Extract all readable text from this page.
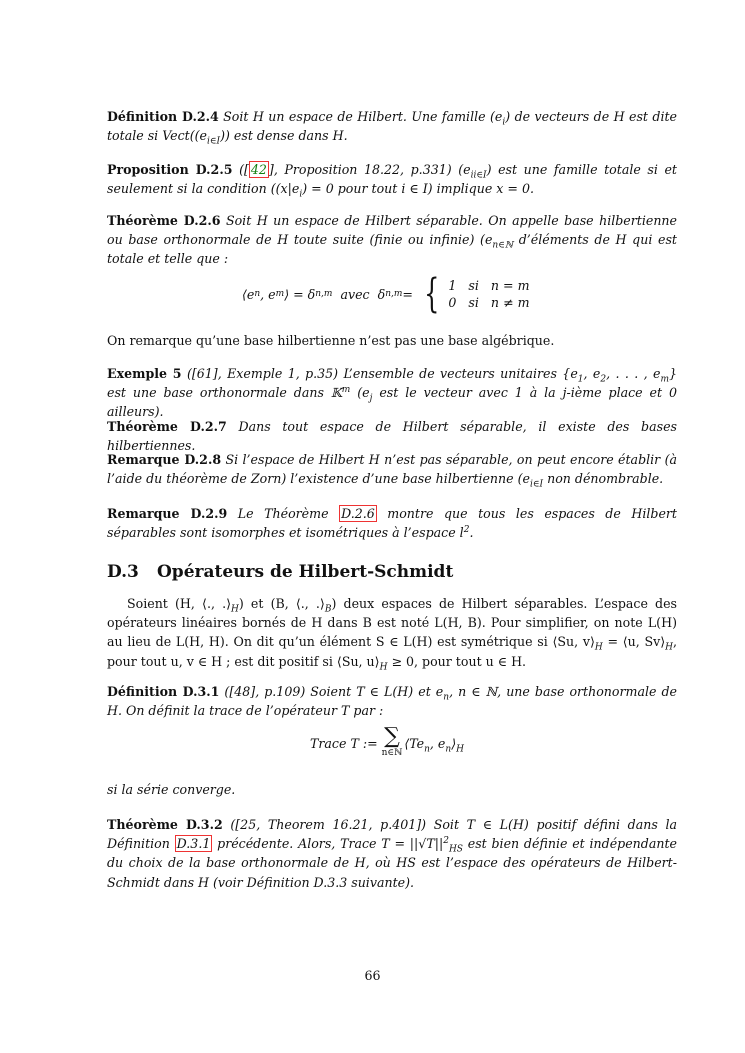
Définition D.2.4 Soit H un espace de Hilbert. Une famille $(e_i)$ de vecteurs de H est dite totale si $Vect((e_{i\in I}))$ est dense dans H.
Proposition D.2.5 ([ 42 ], Proposition 18.22, p.331) $(e_{ii\in I})$ est une famille totale si et seulement si la condition ($(x|e_i) = 0$ pour tout i ∈ I) implique x = 0.
Théorème D.2.6 Soit H un espace de Hilbert séparable. On appelle base hilbertienne ou base orthonormale de H toute suite (finie ou infinie) ($e_{n\in ℕ}$ d’éléments de H qui est totale et telle que :
⟨e n , e m ⟩ = δ n,m avec  δ n,m = { 1   si   n = m
0   si   n ≠ m
On remarque qu’une base hilbertienne n’est pas une base algébrique.
Exemple 5 ([61], Exemple 1, p.35) L’ensemble de vecteurs unitaires {$e_1$, $e_2$, . . . , $e_m$} est une base orthonormale dans 𝕂$^m$ ($e_j$ est le vecteur avec 1 à la j-ième place et 0 ailleurs).
Théorème D.2.7 Dans tout espace de Hilbert séparable, il existe des bases hilbertiennes.
Remarque D.2.8 Si l’espace de Hilbert H n’est pas séparable, on peut encore établir (à l’aide du théorème de Zorn) l’existence d’une base hilbertienne ($e_{i\in I}$ non dénombrable.
Remarque D.2.9 Le Théorème D.2.6 montre que tous les espaces de Hilbert séparables sont isomorphes et isométriques à l’espace $l^2$.
D.3 Opérateurs de Hilbert-Schmidt
Soient (H, ⟨., $.⟩_H$) et (B, ⟨., $.⟩_B$) deux espaces de Hilbert séparables. L’espace des opérateurs linéaires bornés de H dans B est noté L(H, B). Pour simplifier, on note L(H) au lieu de L(H, H). On dit qu’un élément S ∈ L(H) est symétrique si ⟨Su, $v⟩_H$ = ⟨u, $Sv⟩_H$, pour tout u, v ∈ H ; est dit positif si ⟨Su, $u⟩_H \ge 0$, pour tout u ∈ H.
Définition D.3.1 ([48], p.109) Soient T ∈ L(H) et $e_n$, n ∈ ℕ, une base orthonormale de H. On définit la trace de l’opérateur T par :
Trace T := ∑
n∈ℕ
$⟨Te_n$, $e_n⟩_H$
si la série converge.
Théorème D.3.2 ([25, Theorem 16.21, p.401]) Soit T ∈ L(H) positif défini dans la Définition D.3.1 précédente. Alors, Trace $T = ||√T||^2_{HS}$ est bien définie et indépendante du choix de la base orthonormale de H, où HS est l’espace des opérateurs de Hilbert-Schmidt dans H (voir Définition D.3.3 suivante).
66
